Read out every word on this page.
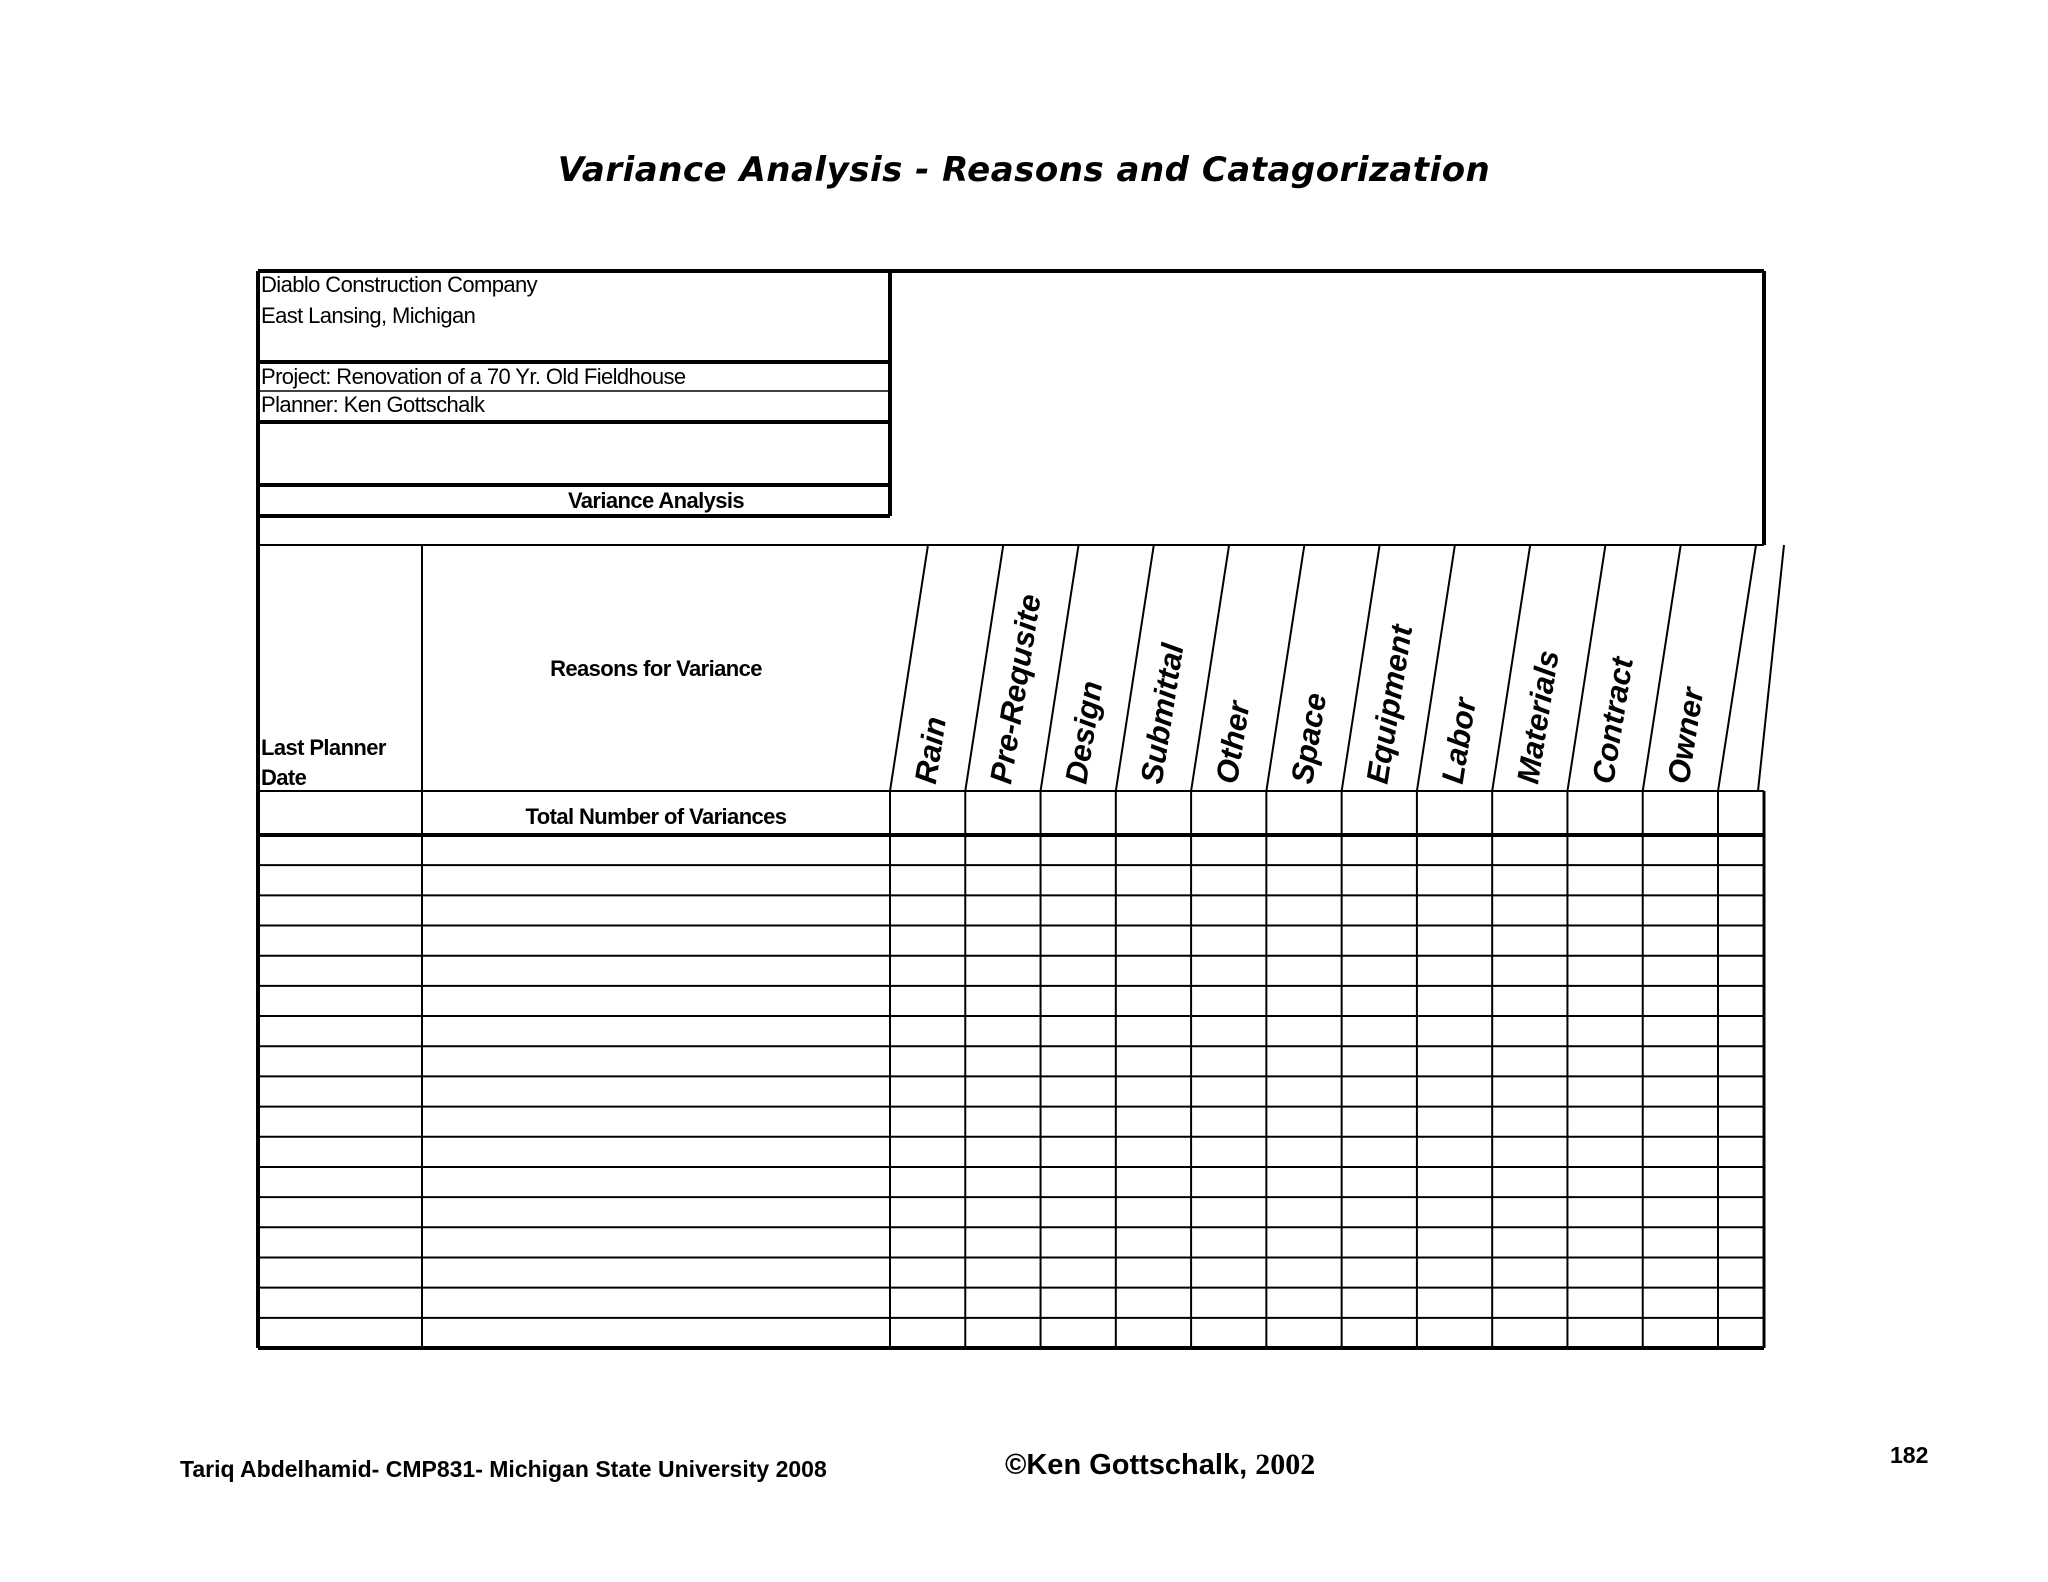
Variance Analysis - Reasons and Catagorization
Diablo Construction Company
East Lansing, Michigan
Project: Renovation of a 70 Yr. Old Fieldhouse
Planner: Ken Gottschalk
Variance Analysis
Reasons for Variance
Last Planner Date
Total Number of Variances
Rain Pre-Requsite Design Submittal Other Space Equipment Labor Materials Contract Owner
Tariq Abdelhamid- CMP831- Michigan State University 2008	©Ken Gottschalk, 2002	182
